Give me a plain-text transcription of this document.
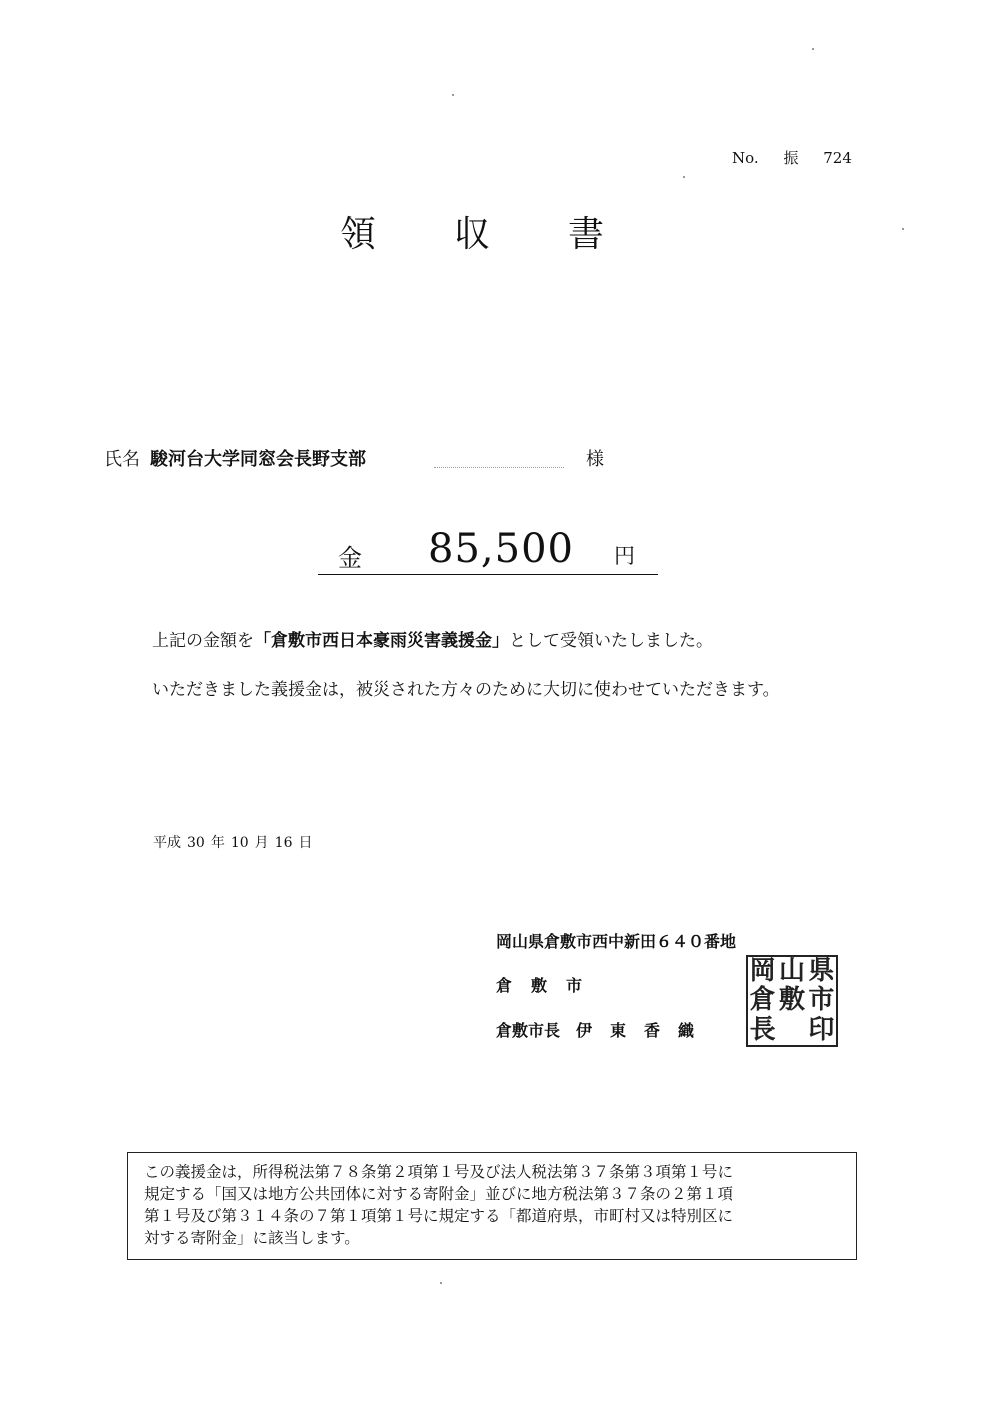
No. 振 724
領収書
氏名 駿河台大学同窓会長野支部	様
金 85,500 円
上記の金額を「倉敷市西日本豪雨災害義援金」として受領いたしました。
いただきました義援金は，被災された方々のために大切に使わせていただきます。
平成 30 年 10 月 16 日
岡山県倉敷市西中新田６４０番地
倉敷市
倉敷市長 伊東香織
岡 山 県
倉 敷 市
長 印
この義援金は，所得税法第７８条第２項第１号及び法人税法第３７条第３項第１号に
規定する「国又は地方公共団体に対する寄附金」並びに地方税法第３７条の２第１項
第１号及び第３１４条の７第１項第１号に規定する「都道府県，市町村又は特別区に
対する寄附金」に該当します。
